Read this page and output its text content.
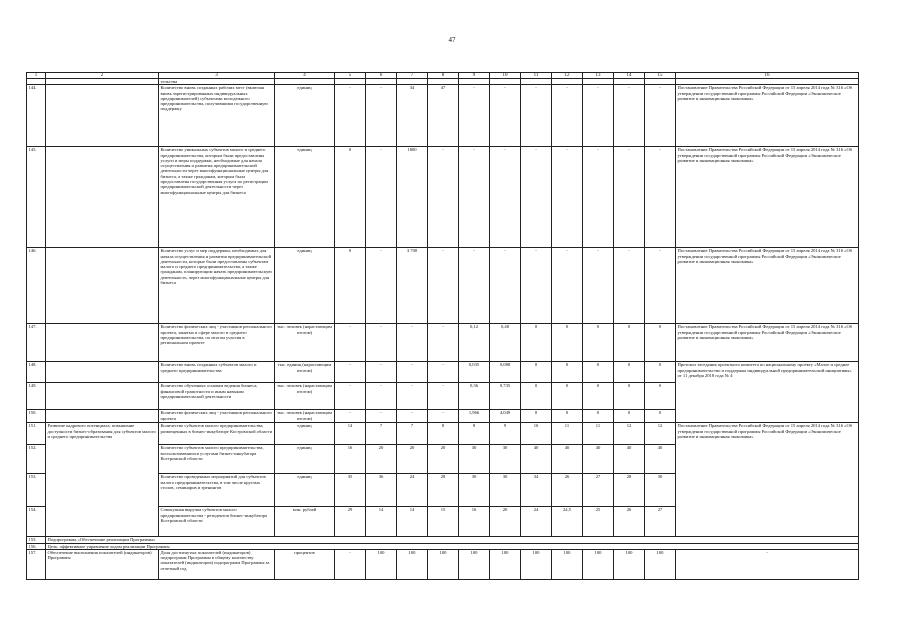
47
1	2	3	4	5	6	7	8	9	10	11	12	13	14	15	16	
		тельства														
144.		Количество вновь созданных рабочих мест (включая вновь зарегистрированных индивидуальных предпринимателей) субъектами молодежного предпринимательства, получившими государственную поддержку	единиц	-	-	34	47	-	-	-	-	-	-	-	Постановление Правительства Российской Федерации от 15 апреля 2014 года № 316 «Об утверждении государственной программы Российской Федерации «Экономическое развитие и инновационная экономика»	
145.		Количество уникальных субъектов малого и среднего предпринимательства, которым были предоставлены услуги и меры поддержки, необходимые для начала осуществления и развития предпринимательской деятельности через многофункциональные центры для бизнеса, а также гражданам, которым была предоставлена государственная услуга по регистрации предпринимательской деятельности через многофункциональные центры для бизнеса	единиц	0	-	1800	-	-	-	-	-	-	-	-	Постановление Правительства Российской Федерации от 15 апреля 2014 года № 316 «Об утверждении государственной программы Российской Федерации «Экономическое развитие и инновационная экономика»	
146.		Количество услуг и мер поддержки, необходимых для начала осуществления и развития предпринимательской деятельности, которые были предоставлены субъектам малого и среднего предпринимательства, а также гражданам, планирующим начать предпринимательскую деятельность, через многофункциональные центры для бизнеса	единиц	0	-	3 700	-	-	-	-	-	-	-	-	Постановление Правительства Российской Федерации от 15 апреля 2014 года № 316 «Об утверждении государственной программы Российской Федерации «Экономическое развитие и инновационная экономика»	
147.		Количество физических лиц - участников регионального проекта, занятых в сфере малого и среднего предпринимательства, по итогам участия в региональном проекте	тыс. человек (нарастающим итогом)	-	-	-	-	0,12	0,48	0	0	0	0	0	Постановление Правительства Российской Федерации от 15 апреля 2014 года № 316 «Об утверждении государственной программы Российской Федерации «Экономическое развитие и инновационная экономика»	
148.		Количество вновь созданных субъектов малого и среднего предпринимательства	тыс. единиц (нарастающим итогом)	-	-	-	-	0,035	0,088	0	0	0	0	0	Протокол заседания проектного комитета по национальному проекту «Малое и среднее предпринимательство и поддержка индивидуальной предпринимательской инициативы» от 11 декабря 2018 года № 4	
149.		Количество обученных основам ведения бизнеса, финансовой грамотности и иным навыкам предпринимательской деятельности	тыс. человек (нарастающим итогом)	-	-	-	-	0,36	0,735	0	0	0	0	0		
150.		Количество физических лиц - участников регионального проекта	тыс. человек (нарастающим итогом)	-	-	-	-	1,966	4,049	0	0	0	0	0		
151.	Развитие кадрового потенциала, повышение доступности бизнес-образования для субъектов малого и среднего предпринимательства	Количество субъектов малого предпринимательства, размещенных в бизнес-инкубаторе Костромской области	единиц	14	7	7	8	8	9	10	11	11	12	12	Постановление Правительства Российской Федерации от 15 апреля 2014 года № 316 «Об утверждении государственной программы Российской Федерации «Экономическое развитие и инновационная экономика»	
152.		Количество субъектов малого предпринимательства, воспользовавшихся услугами бизнес-инкубатора Костромской области	единиц	16	20	20	20	30	30	40	40	40	40	40		
153.		Количество проведенных мероприятий для субъектов малого предпринимательства, в том числе круглых столов, семинаров и тренингов	единиц	35	36	24	28	30	30	34	26	27	28	30		
154.		Совокупная выручка субъектов малого предпринимательства - резидентов бизнес-инкубатора Костромской области	млн. рублей	29	14	14	15	16	20	24	24,5	25	26	27		
155.	Подпрограмма «Обеспечение реализации Программы»															
156.	Цель: эффективное управление ходом реализации Программы															
157.	Обеспечение выполнения показателей (индикаторов) Программы	Доля достигнутых показателей (индикаторов) подпрограмм Программы в общему количеству показателей (индикаторов) подпрограмм Программы за отчетный год	процентов	-	100	100	100	100	100	100	100	100	100	100	-	
